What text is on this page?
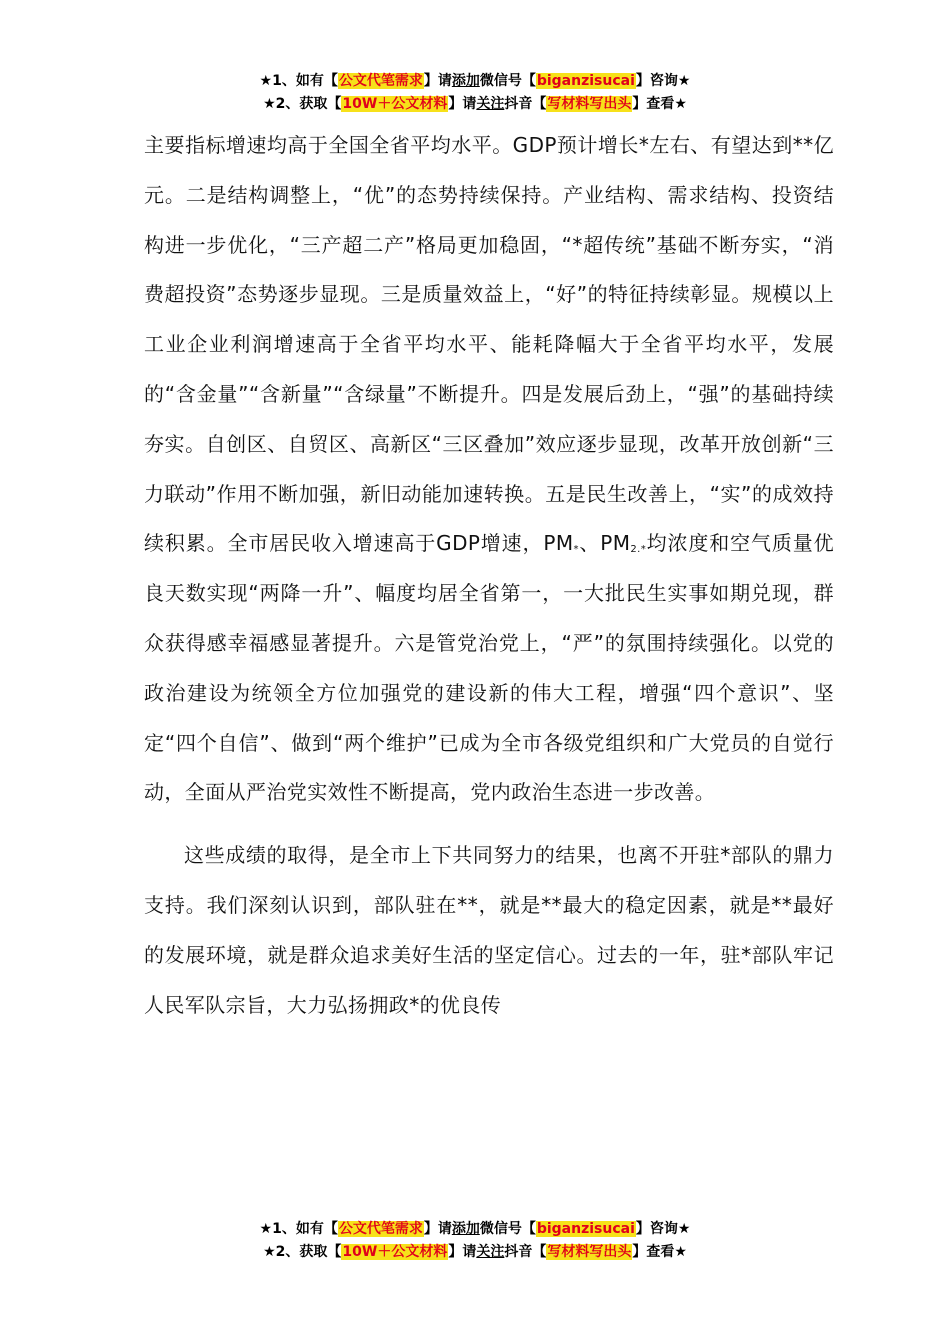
★1、如有【公文代笔需求】请添加微信号【biganzisucai】咨询★
★2、获取【10W＋公文材料】请关注抖音【写材料写出头】查看★

主要指标增速均高于全国全省平均水平。GDP预计增长*左右、有望达到**亿元。二是结构调整上，“优”的态势持续保持。产业结构、需求结构、投资结构进一步优化，“三产超二产”格局更加稳固，“*超传统”基础不断夯实，“消费超投资”态势逐步显现。三是质量效益上，“好”的特征持续彰显。规模以上工业企业利润增速高于全省平均水平、能耗降幅大于全省平均水平，发展的“含金量”“含新量”“含绿量”不断提升。四是发展后劲上，“强”的基础持续夯实。自创区、自贸区、高新区“三区叠加”效应逐步显现，改革开放创新“三力联动”作用不断加强，新旧动能加速转换。五是民生改善上，“实”的成效持续积累。全市居民收入增速高于GDP增速，$PM_*$、$PM_{2.*}$均浓度和空气质量优良天数实现“两降一升”、幅度均居全省第一，一大批民生实事如期兑现，群众获得感幸福感显著提升。六是管党治党上，“严”的氛围持续强化。以党的政治建设为统领全方位加强党的建设新的伟大工程，增强“四个意识”、坚定“四个自信”、做到“两个维护”已成为全市各级党组织和广大党员的自觉行动，全面从严治党实效性不断提高，党内政治生态进一步改善。

这些成绩的取得，是全市上下共同努力的结果，也离不开驻*部队的鼎力支持。我们深刻认识到，部队驻在**，就是**最大的稳定因素，就是**最好的发展环境，就是群众追求美好生活的坚定信心。过去的一年，驻*部队牢记人民军队宗旨，大力弘扬拥政*的优良传

★1、如有【公文代笔需求】请添加微信号【biganzisucai】咨询★
★2、获取【10W＋公文材料】请关注抖音【写材料写出头】查看★
